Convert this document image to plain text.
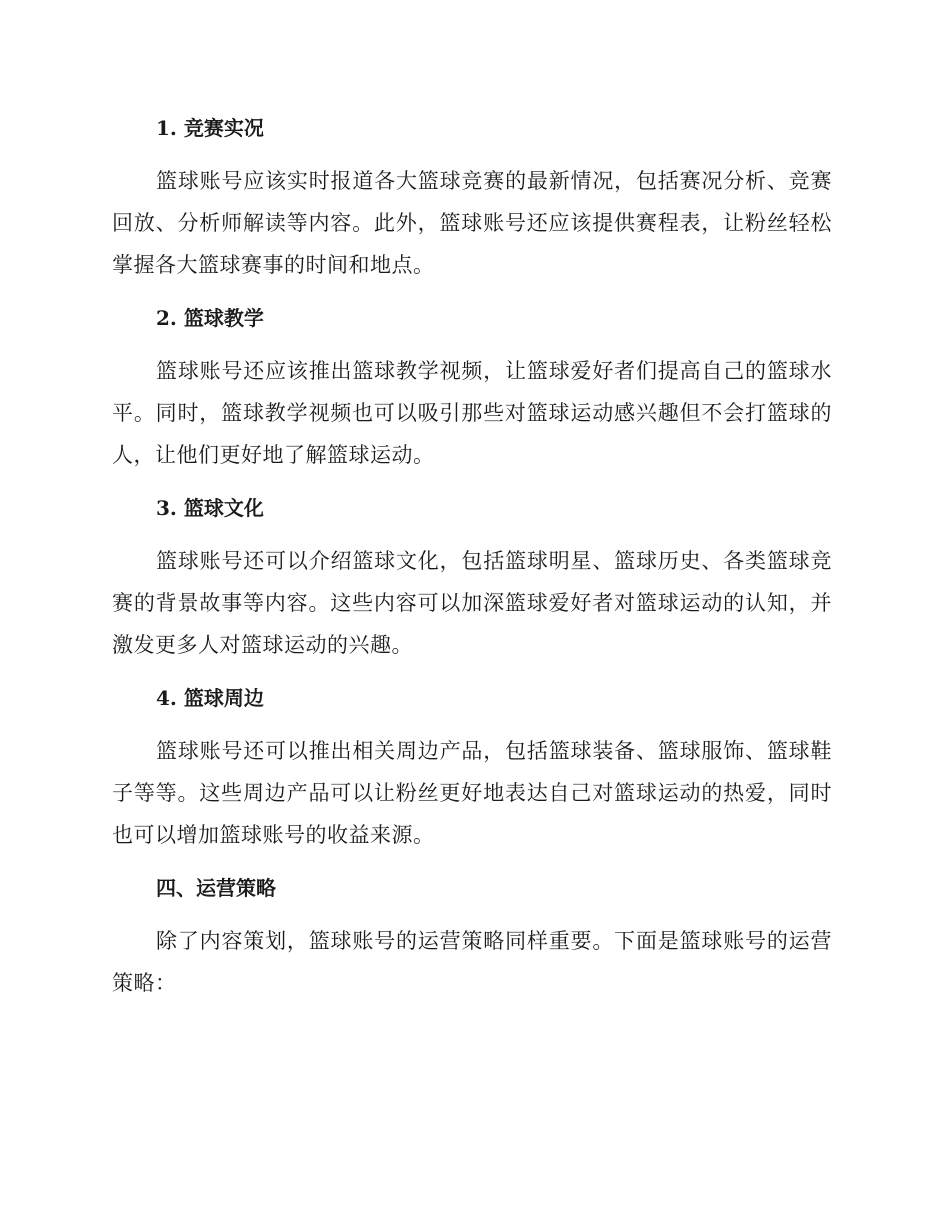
1. 竞赛实况

篮球账号应该实时报道各大篮球竞赛的最新情况，包括赛况分析、竞赛回放、分析师解读等内容。此外，篮球账号还应该提供赛程表，让粉丝轻松掌握各大篮球赛事的时间和地点。

2. 篮球教学

篮球账号还应该推出篮球教学视频，让篮球爱好者们提高自己的篮球水平。同时，篮球教学视频也可以吸引那些对篮球运动感兴趣但不会打篮球的人，让他们更好地了解篮球运动。

3. 篮球文化

篮球账号还可以介绍篮球文化，包括篮球明星、篮球历史、各类篮球竞赛的背景故事等内容。这些内容可以加深篮球爱好者对篮球运动的认知，并激发更多人对篮球运动的兴趣。

4. 篮球周边

篮球账号还可以推出相关周边产品，包括篮球装备、篮球服饰、篮球鞋子等等。这些周边产品可以让粉丝更好地表达自己对篮球运动的热爱，同时也可以增加篮球账号的收益来源。

四、运营策略

除了内容策划，篮球账号的运营策略同样重要。下面是篮球账号的运营策略：
